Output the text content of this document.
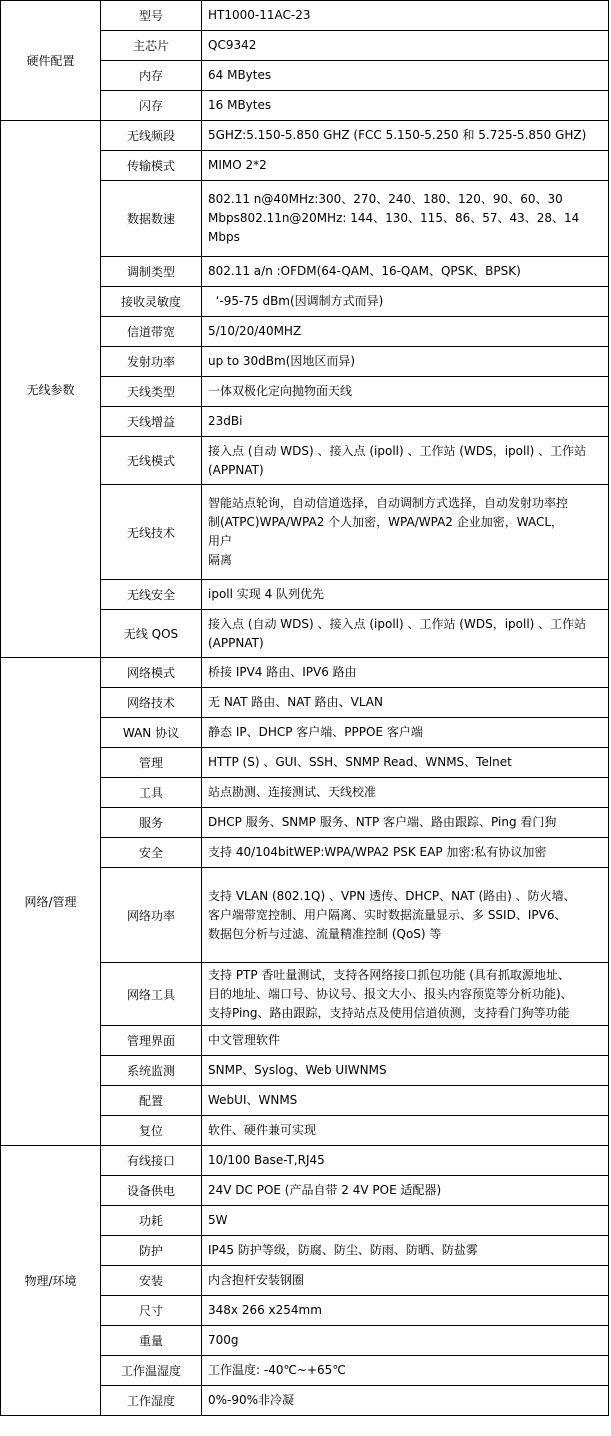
硬件配置	型号	HT1000-11AC-23

	主芯片	QC9342

	内存	64 MBytes

	闪存	16 MBytes

无线参数	无线频段	5GHZ:5.150-5.850 GHZ (FCC 5.150-5.250 和 5.725-5.850 GHZ)

	传输模式	MIMO 2*2

	数据数速	802.11 n@40MHz:300、270、240、180、120、90、60、30
Mbps802.11n@20MHz: 144、130、115、86、57、43、28、14
Mbps

	调制类型	802.11 a/n :OFDM(64-QAM、16-QAM、QPSK、BPSK)

	接收灵敏度	‘-95-75 dBm(因调制方式而异)

	信道带宽	5/10/20/40MHZ

	发射功率	up to 30dBm(因地区而异)

	天线类型	一体双极化定向抛物面天线

	天线增益	23dBi

	无线模式	接入点 (自动 WDS) 、接入点 (ipoll) 、工作站 (WDS，ipoll) 、工作站
(APPNAT)

	无线技术	智能站点轮询，自动信道选择，自动调制方式选择，自动发射功率控
制(ATPC)WPA/WPA2 个人加密，WPA/WPA2 企业加密，WACL，
用户
隔离

	无线安全	ipoll 实现 4 队列优先

	无线 QOS	接入点 (自动 WDS) 、接入点 (ipoll) 、工作站 (WDS，ipoll) 、工作站
(APPNAT)

网络/管理	网络模式	桥接 IPV4 路由、IPV6 路由

	网络技术	无 NAT 路由、NAT 路由、VLAN

	WAN 协议	静态 IP、DHCP 客户端、PPPOE 客户端

	管理	HTTP (S) 、GUI、SSH、SNMP Read、WNMS、Telnet

	工具	站点勘测、连接测试、天线校准

	服务	DHCP 服务、SNMP 服务、NTP 客户端、路由跟踪、Ping 看门狗

	安全	支持 40/104bitWEP:WPA/WPA2 PSK EAP 加密:私有协议加密

	网络功率	支持 VLAN (802.1Q) 、VPN 透传、DHCP、NAT (路由) 、防火墙、
客户端带宽控制、用户隔离、实时数据流量显示、多 SSID、IPV6、
数据包分析与过滤、流量精准控制 (QoS) 等

	网络工具	支持 PTP 香吐量测试，支持各网络接口抓包功能 (具有抓取源地址、
目的地址、端口号、协议号、报文大小、报头内容预览等分析功能)、
支持Ping、路由跟踪，支持站点及使用信道侦测，支持看门狗等功能

	管理界面	中文管理软件

	系统监测	SNMP、Syslog、Web UIWNMS

	配置	WebUI、WNMS

	复位	软件、硬件兼可实现

物理/环境	有线接口	10/100 Base-T,RJ45

	设备供电	24V DC POE (产品自带 2 4V POE 适配器)

	功耗	5W

	防护	IP45 防护等级，防腐、防尘、防雨、防晒、防盐雾

	安装	内含抱杆安装钢圈

	尺寸	348x 266 x254mm

	重量	700g

	工作温湿度	工作温度: -40℃~+65℃

	工作湿度	0%-90%非冷凝
